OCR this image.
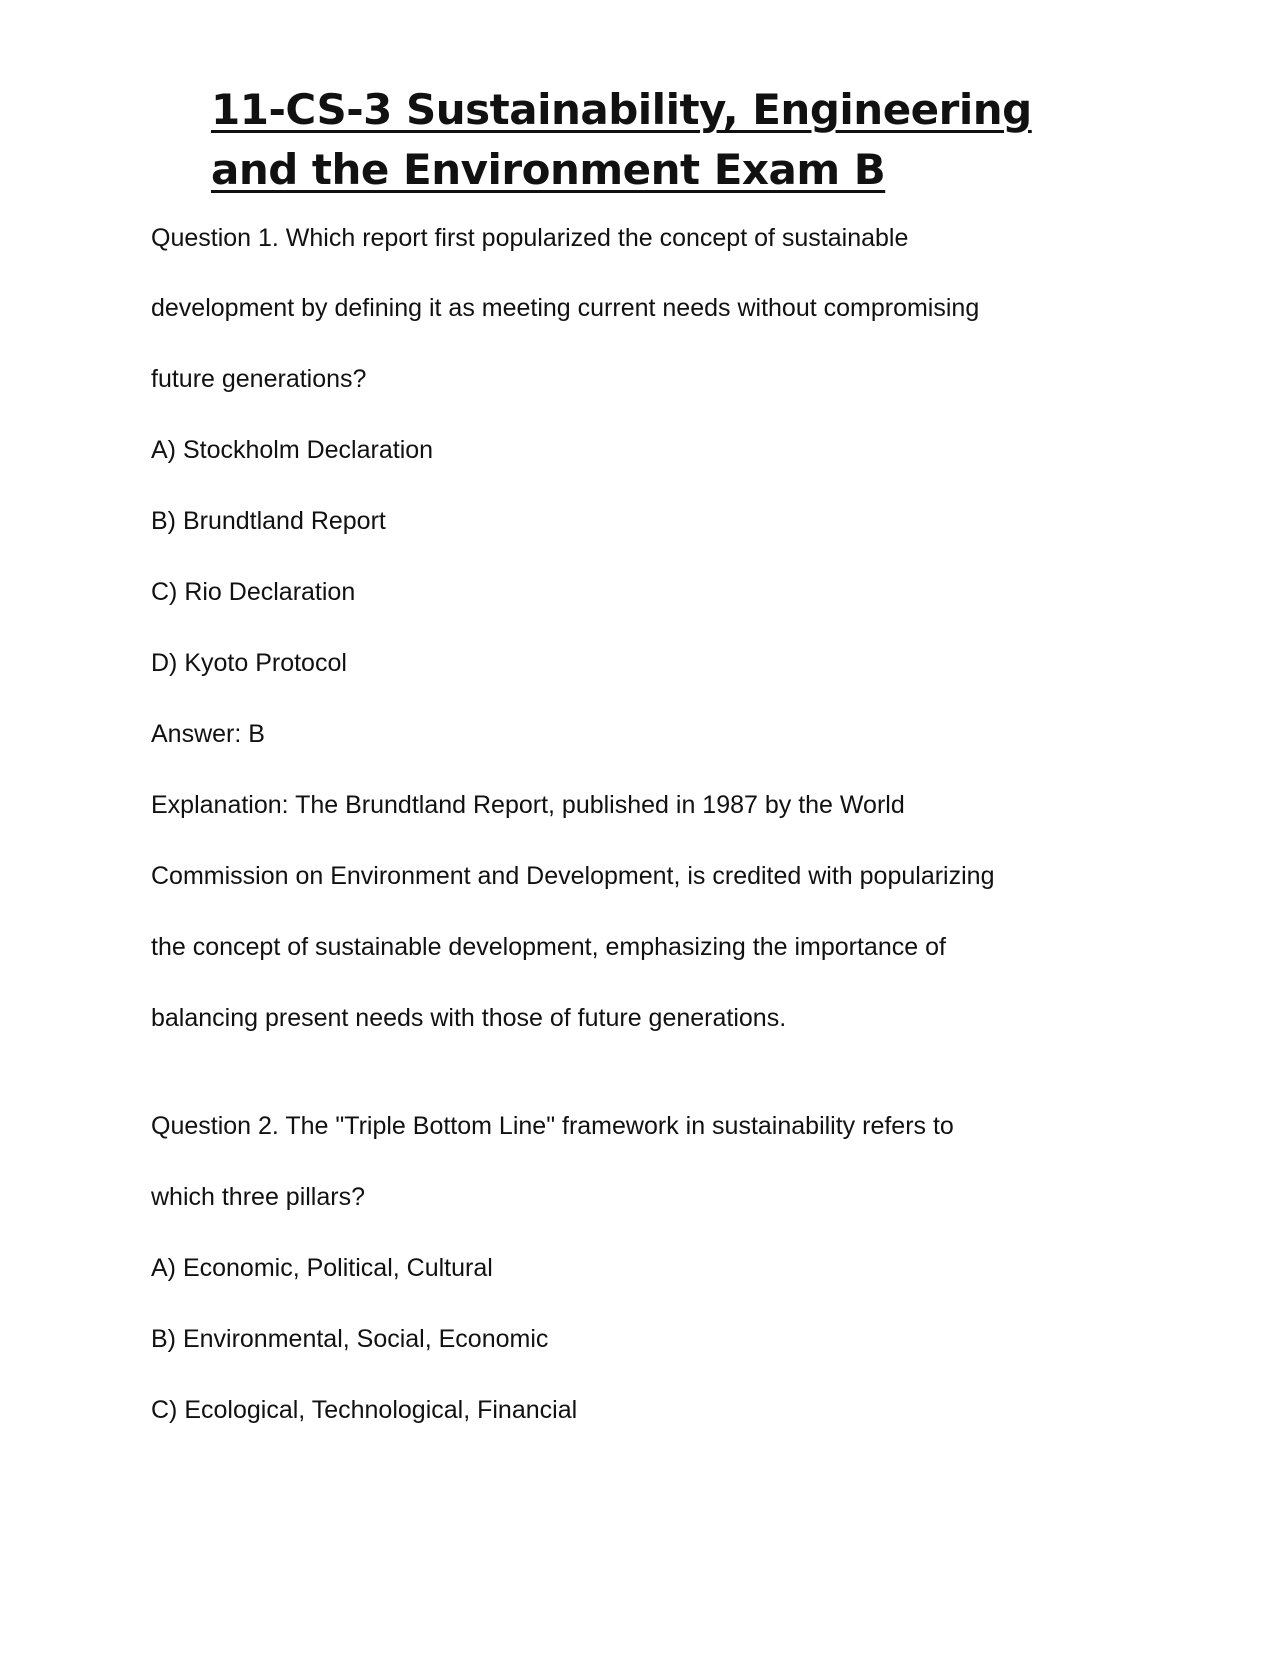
11-CS-3 Sustainability, Engineering
and the Environment Exam B

Question 1. Which report first popularized the concept of sustainable

development by defining it as meeting current needs without compromising

future generations?

A) Stockholm Declaration

B) Brundtland Report

C) Rio Declaration

D) Kyoto Protocol

Answer: B

Explanation: The Brundtland Report, published in 1987 by the World

Commission on Environment and Development, is credited with popularizing

the concept of sustainable development, emphasizing the importance of

balancing present needs with those of future generations.

Question 2. The "Triple Bottom Line" framework in sustainability refers to

which three pillars?

A) Economic, Political, Cultural

B) Environmental, Social, Economic

C) Ecological, Technological, Financial
